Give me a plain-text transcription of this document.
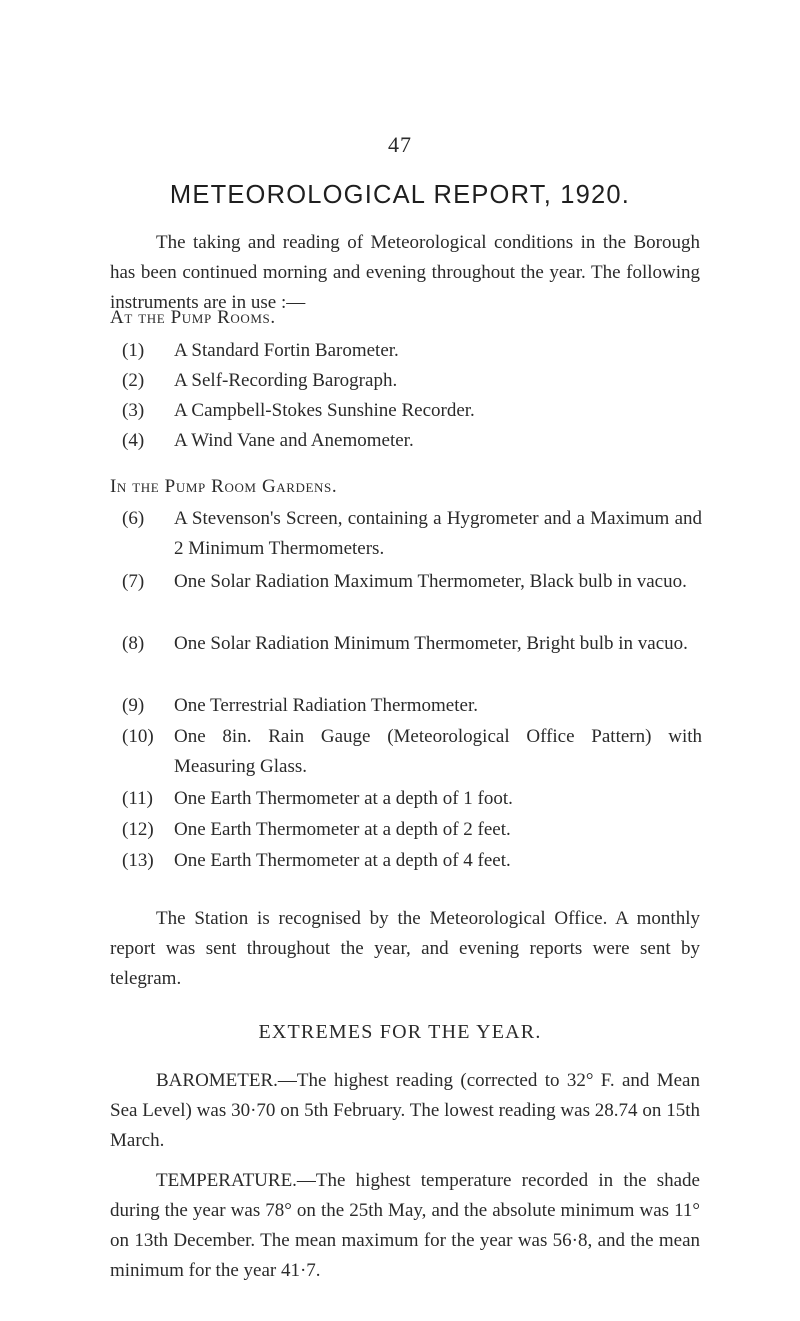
47
METEOROLOGICAL REPORT, 1920.

The taking and reading of Meteorological conditions in the Borough has been continued morning and evening throughout the year. The following instruments are in use :—

At the Pump Rooms.

(1)	A Standard Fortin Barometer.

(2)	A Self-Recording Barograph.

(3)	A Campbell-Stokes Sunshine Recorder.

(4)	A Wind Vane and Anemometer.

In the Pump Room Gardens.

(6)	A Stevenson's Screen, containing a Hygrometer and a Maximum and 2 Minimum Thermometers.

(7)	One Solar Radiation Maximum Thermometer, Black bulb in vacuo.

(8)	One Solar Radiation Minimum Thermometer, Bright bulb in vacuo.

(9)	One Terrestrial Radiation Thermometer.

(10)	One 8in. Rain Gauge (Meteorological Office Pattern) with Measuring Glass.

(11)	One Earth Thermometer at a depth of 1 foot.

(12)	One Earth Thermometer at a depth of 2 feet.

(13)	One Earth Thermometer at a depth of 4 feet.

The Station is recognised by the Meteorological Office. A monthly report was sent throughout the year, and evening reports were sent by telegram.

EXTREMES FOR THE YEAR.

BAROMETER.—The highest reading (corrected to 32° F. and Mean Sea Level) was 30·70 on 5th February. The lowest reading was 28.74 on 15th March.

TEMPERATURE.—The highest temperature recorded in the shade during the year was 78° on the 25th May, and the absolute minimum was 11° on 13th December. The mean maximum for the year was 56·8, and the mean minimum for the year 41·7.
